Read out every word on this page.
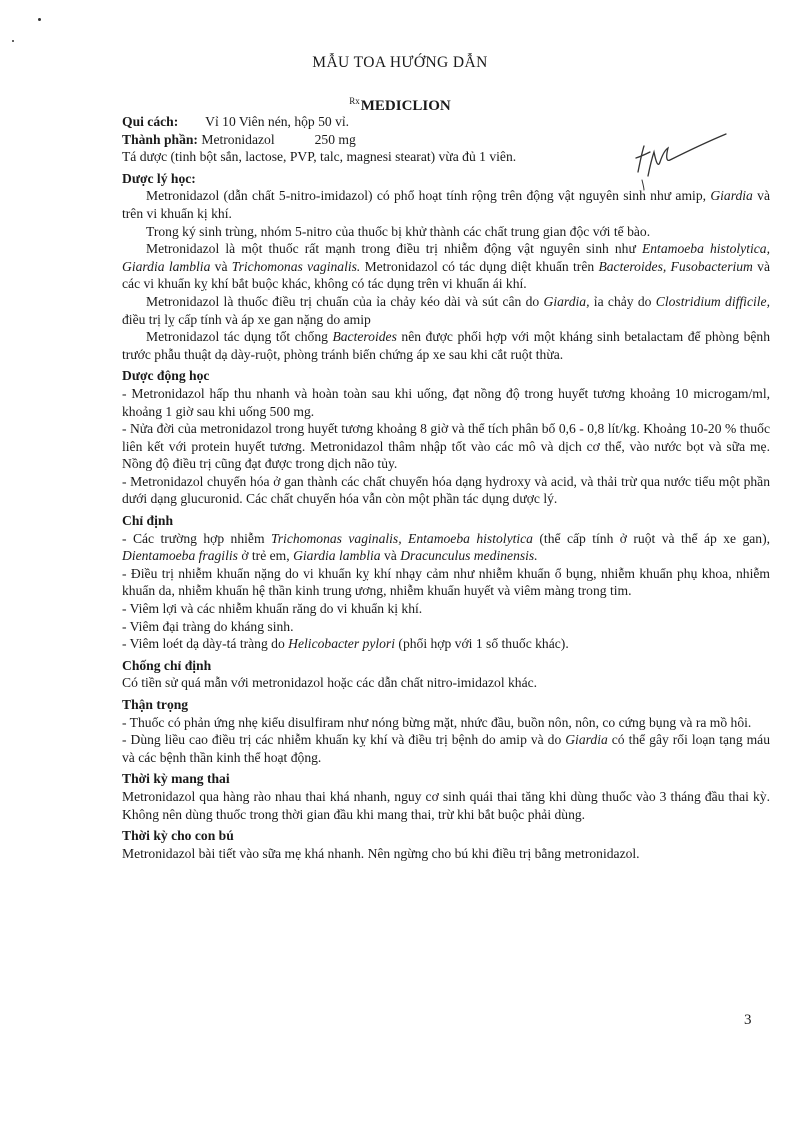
MẪU TOA HƯỚNG DẪN
$^{Rx}$MEDICLION

Qui cách: Vỉ 10 Viên nén, hộp 50 vỉ.

Thành phần: Metronidazol	250 mg

Tá dược (tinh bột sắn, lactose, PVP, talc, magnesi stearat) vừa đủ 1 viên.

Dược lý học:

Metronidazol (dẫn chất 5-nitro-imidazol) có phổ hoạt tính rộng trên động vật nguyên sinh như amip, Giardia và trên vi khuẩn kị khí.

Trong ký sinh trùng, nhóm 5-nitro của thuốc bị khử thành các chất trung gian độc với tế bào.

Metronidazol là một thuốc rất mạnh trong điều trị nhiễm động vật nguyên sinh như Entamoeba histolytica, Giardia lamblia và Trichomonas vaginalis. Metronidazol có tác dụng diệt khuẩn trên Bacteroides, Fusobacterium và các vi khuẩn kỵ khí bắt buộc khác, không có tác dụng trên vi khuẩn ái khí.

Metronidazol là thuốc điều trị chuẩn của ỉa chảy kéo dài và sút cân do Giardia, ỉa chảy do Clostridium difficile, điều trị lỵ cấp tính và áp xe gan nặng do amip

Metronidazol tác dụng tốt chống Bacteroides nên được phối hợp với một kháng sinh betalactam để phòng bệnh trước phẫu thuật dạ dày-ruột, phòng tránh biến chứng áp xe sau khi cắt ruột thừa.

Dược động học

- Metronidazol hấp thu nhanh và hoàn toàn sau khi uống, đạt nồng độ trong huyết tương khoảng 10 microgam/ml, khoảng 1 giờ sau khi uống 500 mg.

- Nửa đời của metronidazol trong huyết tương khoảng 8 giờ và thể tích phân bố 0,6 - 0,8 lít/kg. Khoảng 10-20 % thuốc liên kết với protein huyết tương. Metronidazol thâm nhập tốt vào các mô và dịch cơ thể, vào nước bọt và sữa mẹ. Nồng độ điều trị cũng đạt được trong dịch não tủy.

- Metronidazol chuyển hóa ở gan thành các chất chuyển hóa dạng hydroxy và acid, và thải trừ qua nước tiểu một phần dưới dạng glucuronid. Các chất chuyển hóa vẫn còn một phần tác dụng dược lý.

Chỉ định

- Các trường hợp nhiễm Trichomonas vaginalis, Entamoeba histolytica (thể cấp tính ở ruột và thể áp xe gan), Dientamoeba fragilis ở trẻ em, Giardia lamblia và Dracunculus medinensis.

- Điều trị nhiễm khuẩn nặng do vi khuẩn kỵ khí nhạy cảm như nhiễm khuẩn ổ bụng, nhiễm khuẩn phụ khoa, nhiễm khuẩn da, nhiễm khuẩn hệ thần kinh trung ương, nhiễm khuẩn huyết và viêm màng trong tim.

- Viêm lợi và các nhiễm khuẩn răng do vi khuẩn kị khí.

- Viêm đại tràng do kháng sinh.

- Viêm loét dạ dày-tá tràng do Helicobacter pylori (phối hợp với 1 số thuốc khác).

Chống chỉ định

Có tiền sử quá mẫn với metronidazol hoặc các dẫn chất nitro-imidazol khác.

Thận trọng

- Thuốc có phản ứng nhẹ kiểu disulfiram như nóng bừng mặt, nhức đầu, buồn nôn, nôn, co cứng bụng và ra mồ hôi.

- Dùng liều cao điều trị các nhiễm khuẩn kỵ khí và điều trị bệnh do amip và do Giardia có thể gây rối loạn tạng máu và các bệnh thần kinh thể hoạt động.

Thời kỳ mang thai

Metronidazol qua hàng rào nhau thai khá nhanh, nguy cơ sinh quái thai tăng khi dùng thuốc vào 3 tháng đầu thai kỳ. Không nên dùng thuốc trong thời gian đầu khi mang thai, trừ khi bắt buộc phải dùng.

Thời kỳ cho con bú

Metronidazol bài tiết vào sữa mẹ khá nhanh. Nên ngừng cho bú khi điều trị bằng metronidazol.

3
